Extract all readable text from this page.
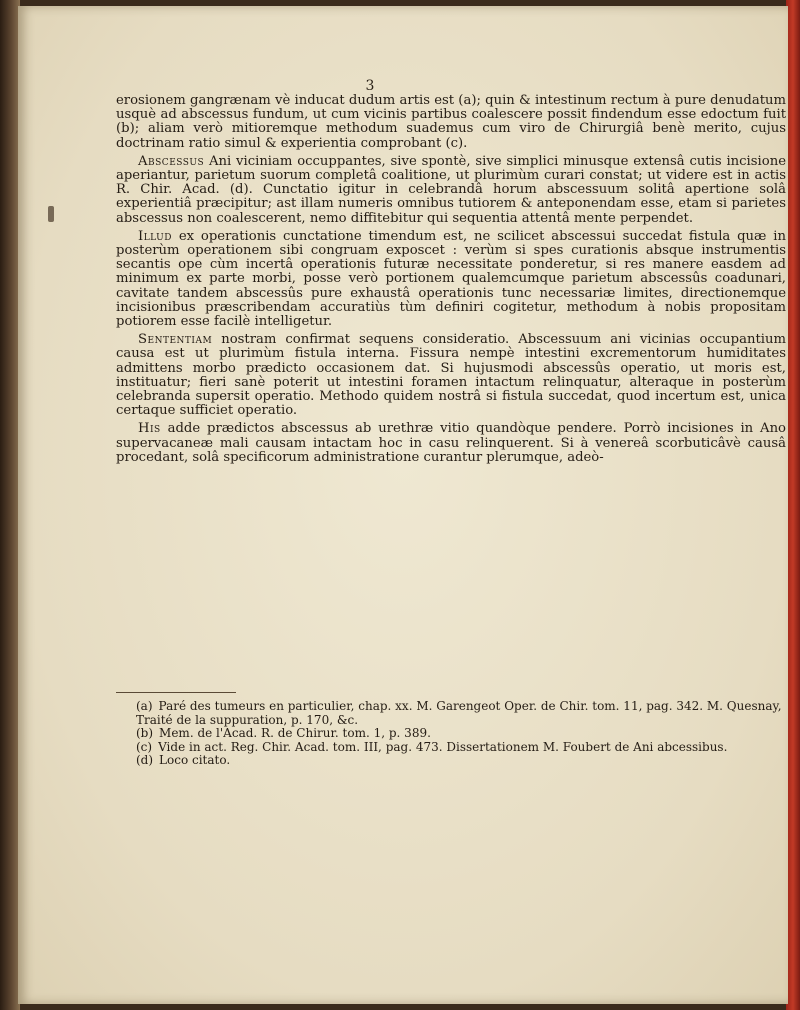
3

erosionem gangrænam vè inducat dudum artis est (a); quin & intestinum rectum à pure denudatum usquè ad abscessus fundum, ut cum vicinis partibus coalescere possit findendum esse edoctum fuit (b); aliam verò mitioremque methodum suademus cum viro de Chirurgiâ benè merito, cujus doctrinam ratio simul & experientia comprobant (c).

Abscessus Ani viciniam occuppantes, sive spontè, sive simplici minusque extensâ cutis incisione aperiantur, parietum suorum completâ coalitione, ut plurimùm curari constat; ut videre est in actis R. Chir. Acad. (d). Cunctatio igitur in celebrandâ horum abscessuum solitâ apertione solâ experientiâ præcipitur; ast illam numeris omnibus tutiorem & anteponendam esse, etam si parietes abscessus non coalescerent, nemo diffitebitur qui sequentia attentâ mente perpendet.

Illud ex operationis cunctatione timendum est, ne scilicet abscessui succedat fistula quæ in posterùm operationem sibi congruam exposcet : verùm si spes curationis absque instrumentis secantis ope cùm incertâ operationis futuræ necessitate ponderetur, si res manere easdem ad minimum ex parte morbi, posse verò portionem qualemcumque parietum abscessûs coadunari, cavitate tandem abscessûs pure exhaustâ operationis tunc necessariæ limites, directionemque incisionibus præscribendam accuratiùs tùm definiri cogitetur, methodum à nobis propositam potiorem esse facilè intelligetur.

Sententiam nostram confirmat sequens consideratio. Abscessuum ani vicinias occupantium causa est ut plurimùm fistula interna. Fissura nempè intestini excrementorum humiditates admittens morbo prædicto occasionem dat. Si hujusmodi abscessûs operatio, ut moris est, instituatur; fieri sanè poterit ut intestini foramen intactum relinquatur, alteraque in posterùm celebranda supersit operatio. Methodo quidem nostrâ si fistula succedat, quod incertum est, unica certaque sufficiet operatio.

His adde prædictos abscessus ab urethræ vitio quandòque pendere. Porrò incisiones in Ano supervacaneæ mali causam intactam hoc in casu relinquerent. Si à venereâ scorbuticâvè causâ procedant, solâ specificorum administratione curantur plerumque, adeò-

(a) Paré des tumeurs en particulier, chap. xx. M. Garengeot Oper. de Chir. tom. 11, pag. 342. M. Quesnay, Traité de la suppuration, p. 170, &c.

(b) Mem. de l'Acad. R. de Chirur. tom. 1, p. 389.

(c) Vide in act. Reg. Chir. Acad. tom. III, pag. 473. Dissertationem M. Foubert de Ani abcessibus.

(d) Loco citato.
